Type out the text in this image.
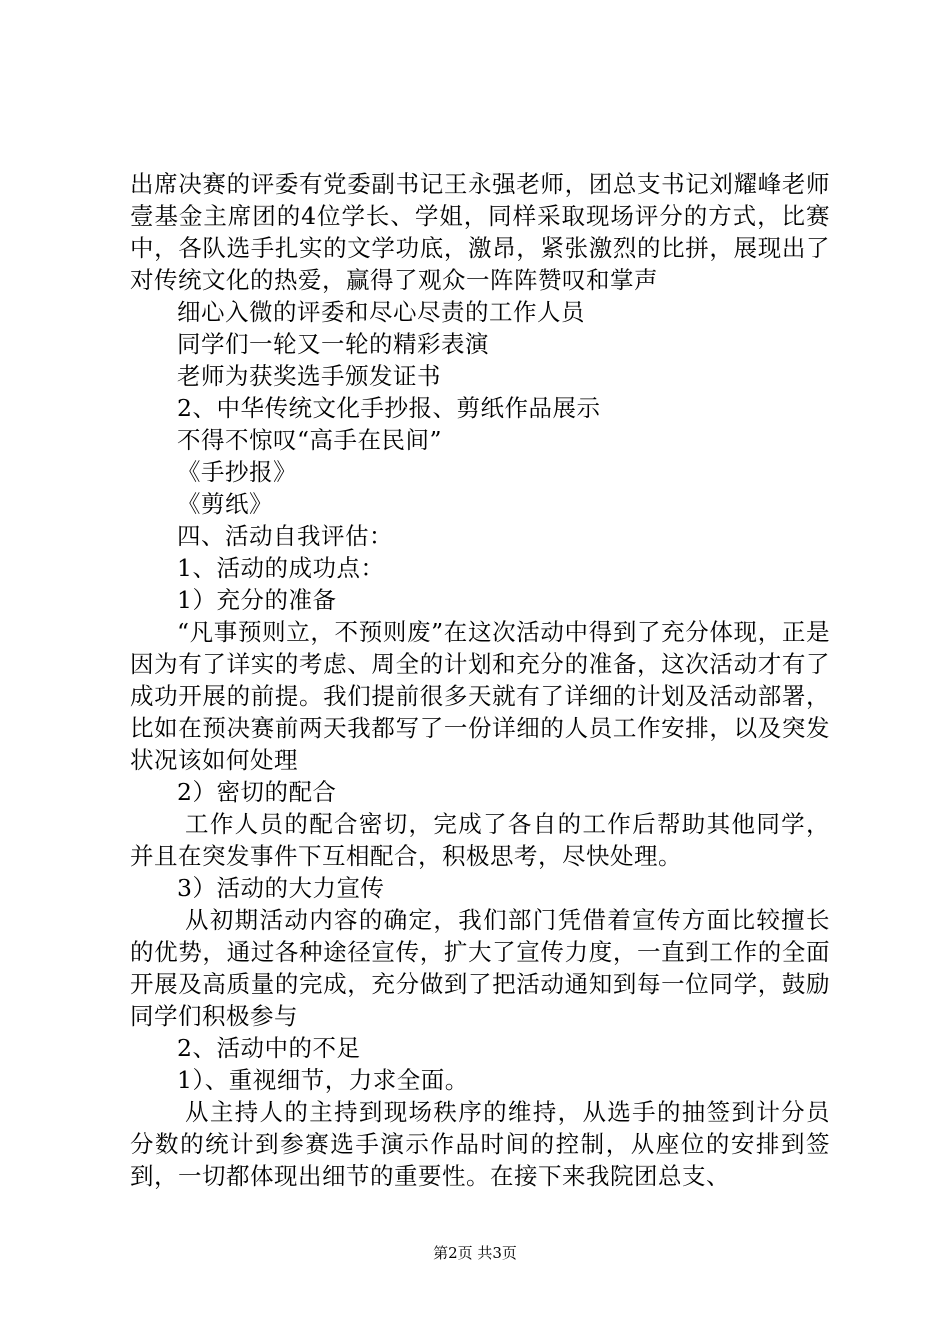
出席决赛的评委有党委副书记王永强老师，团总支书记刘耀峰老师壹基金主席团的4位学长、学姐，同样采取现场评分的方式，比赛中，各队选手扎实的文学功底，激昂，紧张激烈的比拼，展现出了对传统文化的热爱，赢得了观众一阵阵赞叹和掌声

细心入微的评委和尽心尽责的工作人员

同学们一轮又一轮的精彩表演

老师为获奖选手颁发证书

2、中华传统文化手抄报、剪纸作品展示

不得不惊叹“高手在民间”

《手抄报》

《剪纸》

四、活动自我评估：

1、活动的成功点：

1）充分的准备

“凡事预则立，不预则废”在这次活动中得到了充分体现，正是因为有了详实的考虑、周全的计划和充分的准备，这次活动才有了成功开展的前提。我们提前很多天就有了详细的计划及活动部署，比如在预决赛前两天我都写了一份详细的人员工作安排，以及突发状况该如何处理

2）密切的配合

工作人员的配合密切，完成了各自的工作后帮助其他同学，并且在突发事件下互相配合，积极思考，尽快处理。

3）活动的大力宣传

从初期活动内容的确定，我们部门凭借着宣传方面比较擅长的优势，通过各种途径宣传，扩大了宣传力度，一直到工作的全面开展及高质量的完成，充分做到了把活动通知到每一位同学，鼓励同学们积极参与

2、活动中的不足

1）、重视细节，力求全面。

从主持人的主持到现场秩序的维持，从选手的抽签到计分员分数的统计到参赛选手演示作品时间的控制，从座位的安排到签到，一切都体现出细节的重要性。在接下来我院团总支、

第2页 共3页
